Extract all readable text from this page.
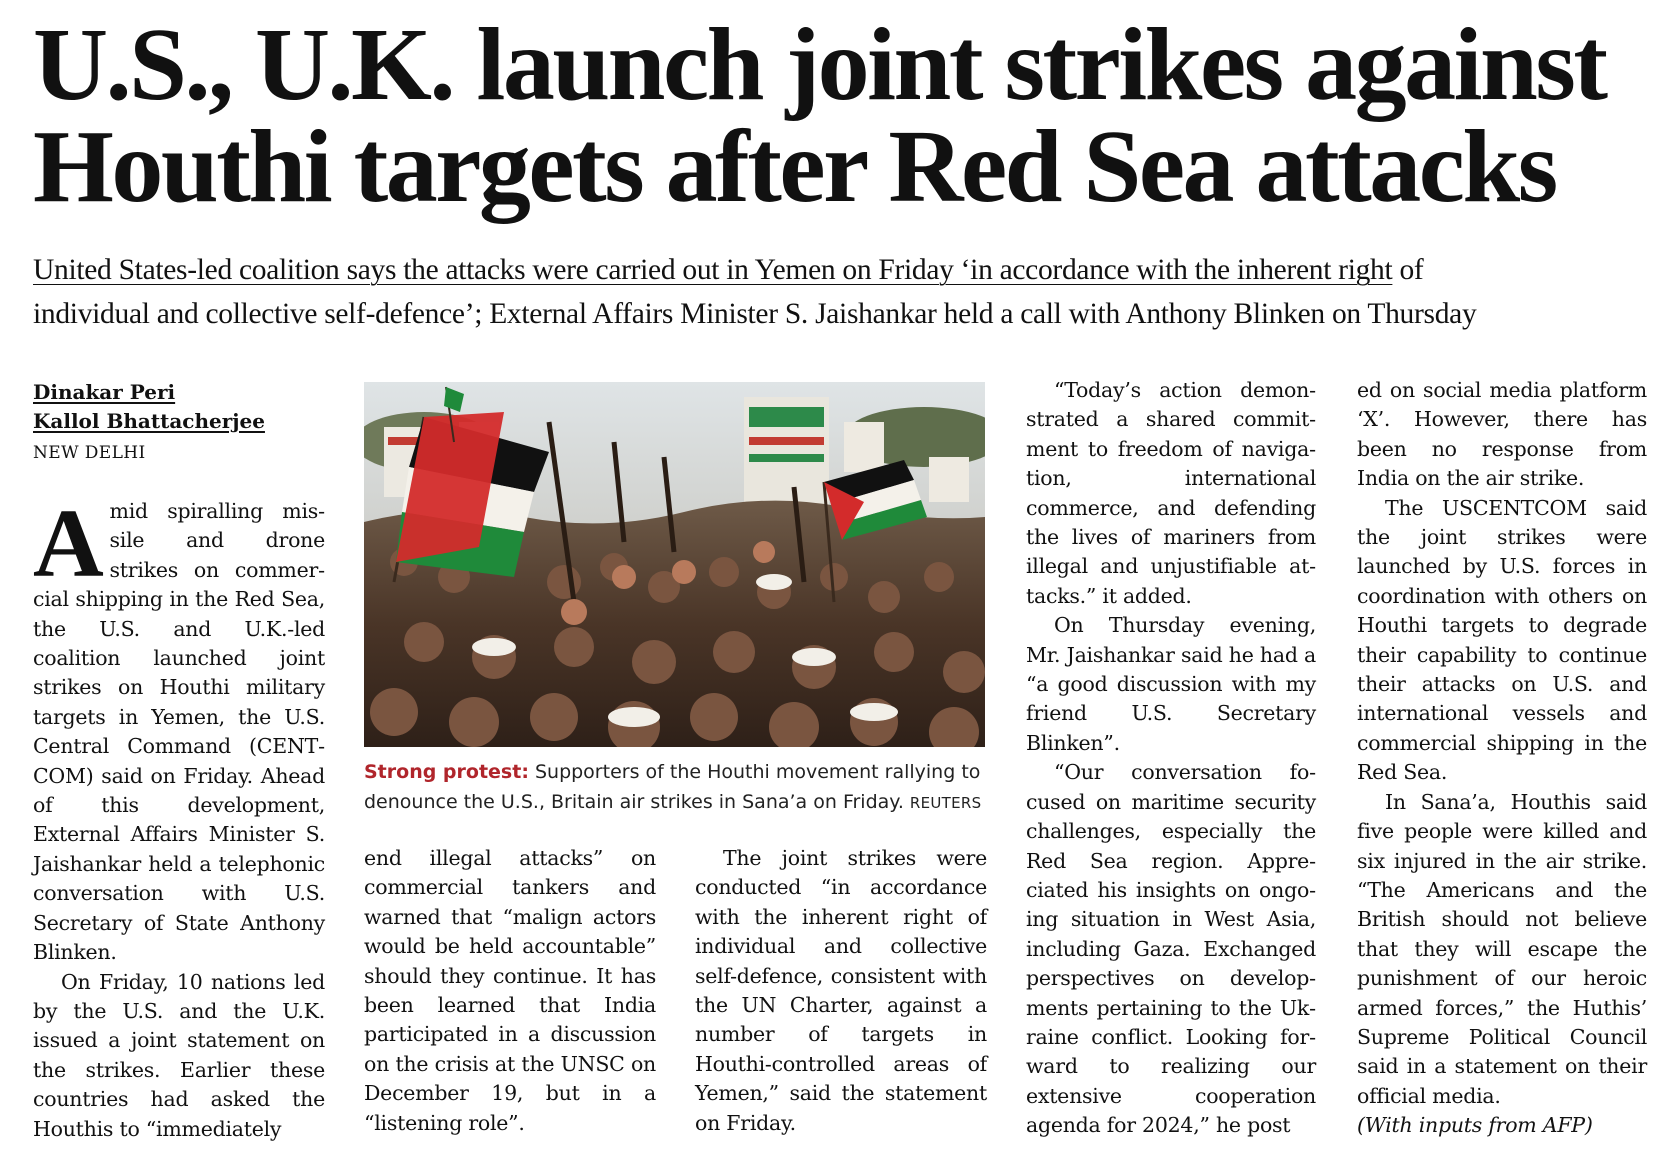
U.S., U.K. launch joint strikes against
Houthi targets after Red Sea attacks
United States-led coalition says the attacks were carried out in Yemen on Friday ‘in accordance with the inherent right of
individual and collective self-defence’; External Affairs Minister S. Jaishankar held a call with Anthony Blinken on Thursday
Dinakar Peri
Kallol Bhattacherjee
NEW DELHI

Amid spiralling missile and drone strikes on commercial shipping in the Red Sea, the U.S. and U.K.-led coalition launched joint strikes on Houthi military targets in Yemen, the U.S. Central Command (CENTCOM) said on Friday. Ahead of this development, External Affairs Minister S. Jaishankar held a telephonic conversation with U.S. Secretary of State Anthony Blinken.

On Friday, 10 nations led by the U.S. and the U.K. issued a joint statement on the strikes. Earlier these countries had asked the Houthis to “immediately

Strong protest: Supporters of the Houthi movement rallying to denounce the U.S., Britain air strikes in Sana’a on Friday. REUTERS

end illegal attacks” on commercial tankers and warned that “malign actors would be held accountable” should they continue. It has been learned that India participated in a discussion on the crisis at the UNSC on December 19, but in a “listening role”.

The joint strikes were conducted “in accordance with the inherent right of individual and collective self-defence, consistent with the UN Charter, against a number of targets in Houthi-controlled areas of Yemen,” said the statement on Friday.

“Today’s action demonstrated a shared commitment to freedom of navigation, international commerce, and defending the lives of mariners from illegal and unjustifiable attacks.” it added.

On Thursday evening, Mr. Jaishankar said he had a “a good discussion with my friend U.S. Secretary Blinken”.

“Our conversation focused on maritime security challenges, especially the Red Sea region. Appreciated his insights on ongoing situation in West Asia, including Gaza. Exchanged perspectives on developments pertaining to the Ukraine conflict. Looking forward to realizing our extensive cooperation agenda for 2024,” he post

ed on social media platform ‘X’. However, there has been no response from India on the air strike.

The USCENTCOM said the joint strikes were launched by U.S. forces in coordination with others on Houthi targets to degrade their capability to continue their attacks on U.S. and international vessels and commercial shipping in the Red Sea.

In Sana’a, Houthis said five people were killed and six injured in the air strike. “The Americans and the British should not believe that they will escape the punishment of our heroic armed forces,” the Huthis’ Supreme Political Council said in a statement on their official media.

(With inputs from AFP)
